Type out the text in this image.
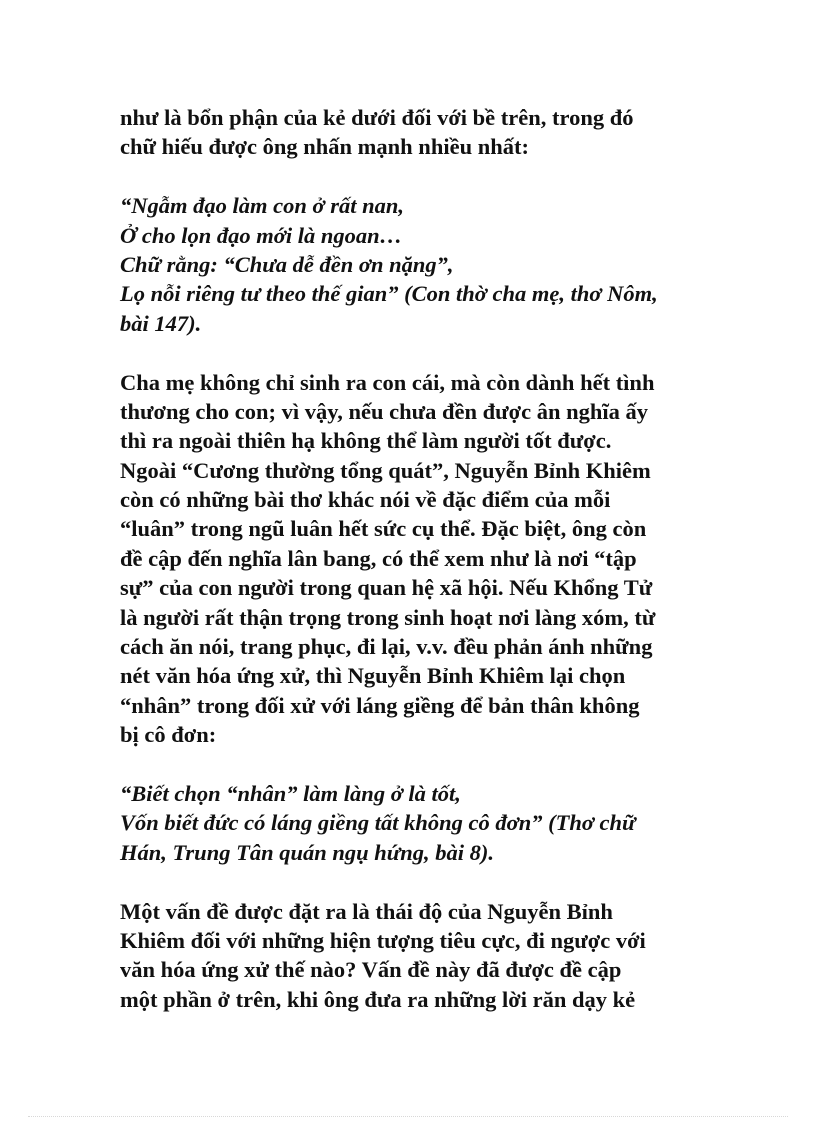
như là bổn phận của kẻ dưới đối với bề trên, trong đó
chữ hiếu được ông nhấn mạnh nhiều nhất:
“Ngẫm đạo làm con ở rất nan,
Ở cho lọn đạo mới là ngoan…
Chữ rằng: “Chưa dễ đền ơn nặng”,
Lọ nỗi riêng tư theo thế gian” (Con thờ cha mẹ, thơ Nôm,
bài 147).
Cha mẹ không chỉ sinh ra con cái, mà còn dành hết tình
thương cho con; vì vậy, nếu chưa đền được ân nghĩa ấy
thì ra ngoài thiên hạ không thể làm người tốt được.
Ngoài “Cương thường tổng quát”, Nguyễn Bỉnh Khiêm
còn có những bài thơ khác nói về đặc điểm của mỗi
“luân” trong ngũ luân hết sức cụ thể. Đặc biệt, ông còn
đề cập đến nghĩa lân bang, có thể xem như là nơi “tập
sự” của con người trong quan hệ xã hội. Nếu Khổng Tử
là người rất thận trọng trong sinh hoạt nơi làng xóm, từ
cách ăn nói, trang phục, đi lại, v.v. đều phản ánh những
nét văn hóa ứng xử, thì Nguyễn Bỉnh Khiêm lại chọn
“nhân” trong đối xử với láng giềng để bản thân không
bị cô đơn:
“Biết chọn “nhân” làm làng ở là tốt,
Vốn biết đức có láng giềng tất không cô đơn” (Thơ chữ
Hán, Trung Tân quán ngụ hứng, bài 8).
Một vấn đề được đặt ra là thái độ của Nguyễn Bỉnh
Khiêm đối với những hiện tượng tiêu cực, đi ngược với
văn hóa ứng xử thế nào? Vấn đề này đã được đề cập
một phần ở trên, khi ông đưa ra những lời răn dạy kẻ
